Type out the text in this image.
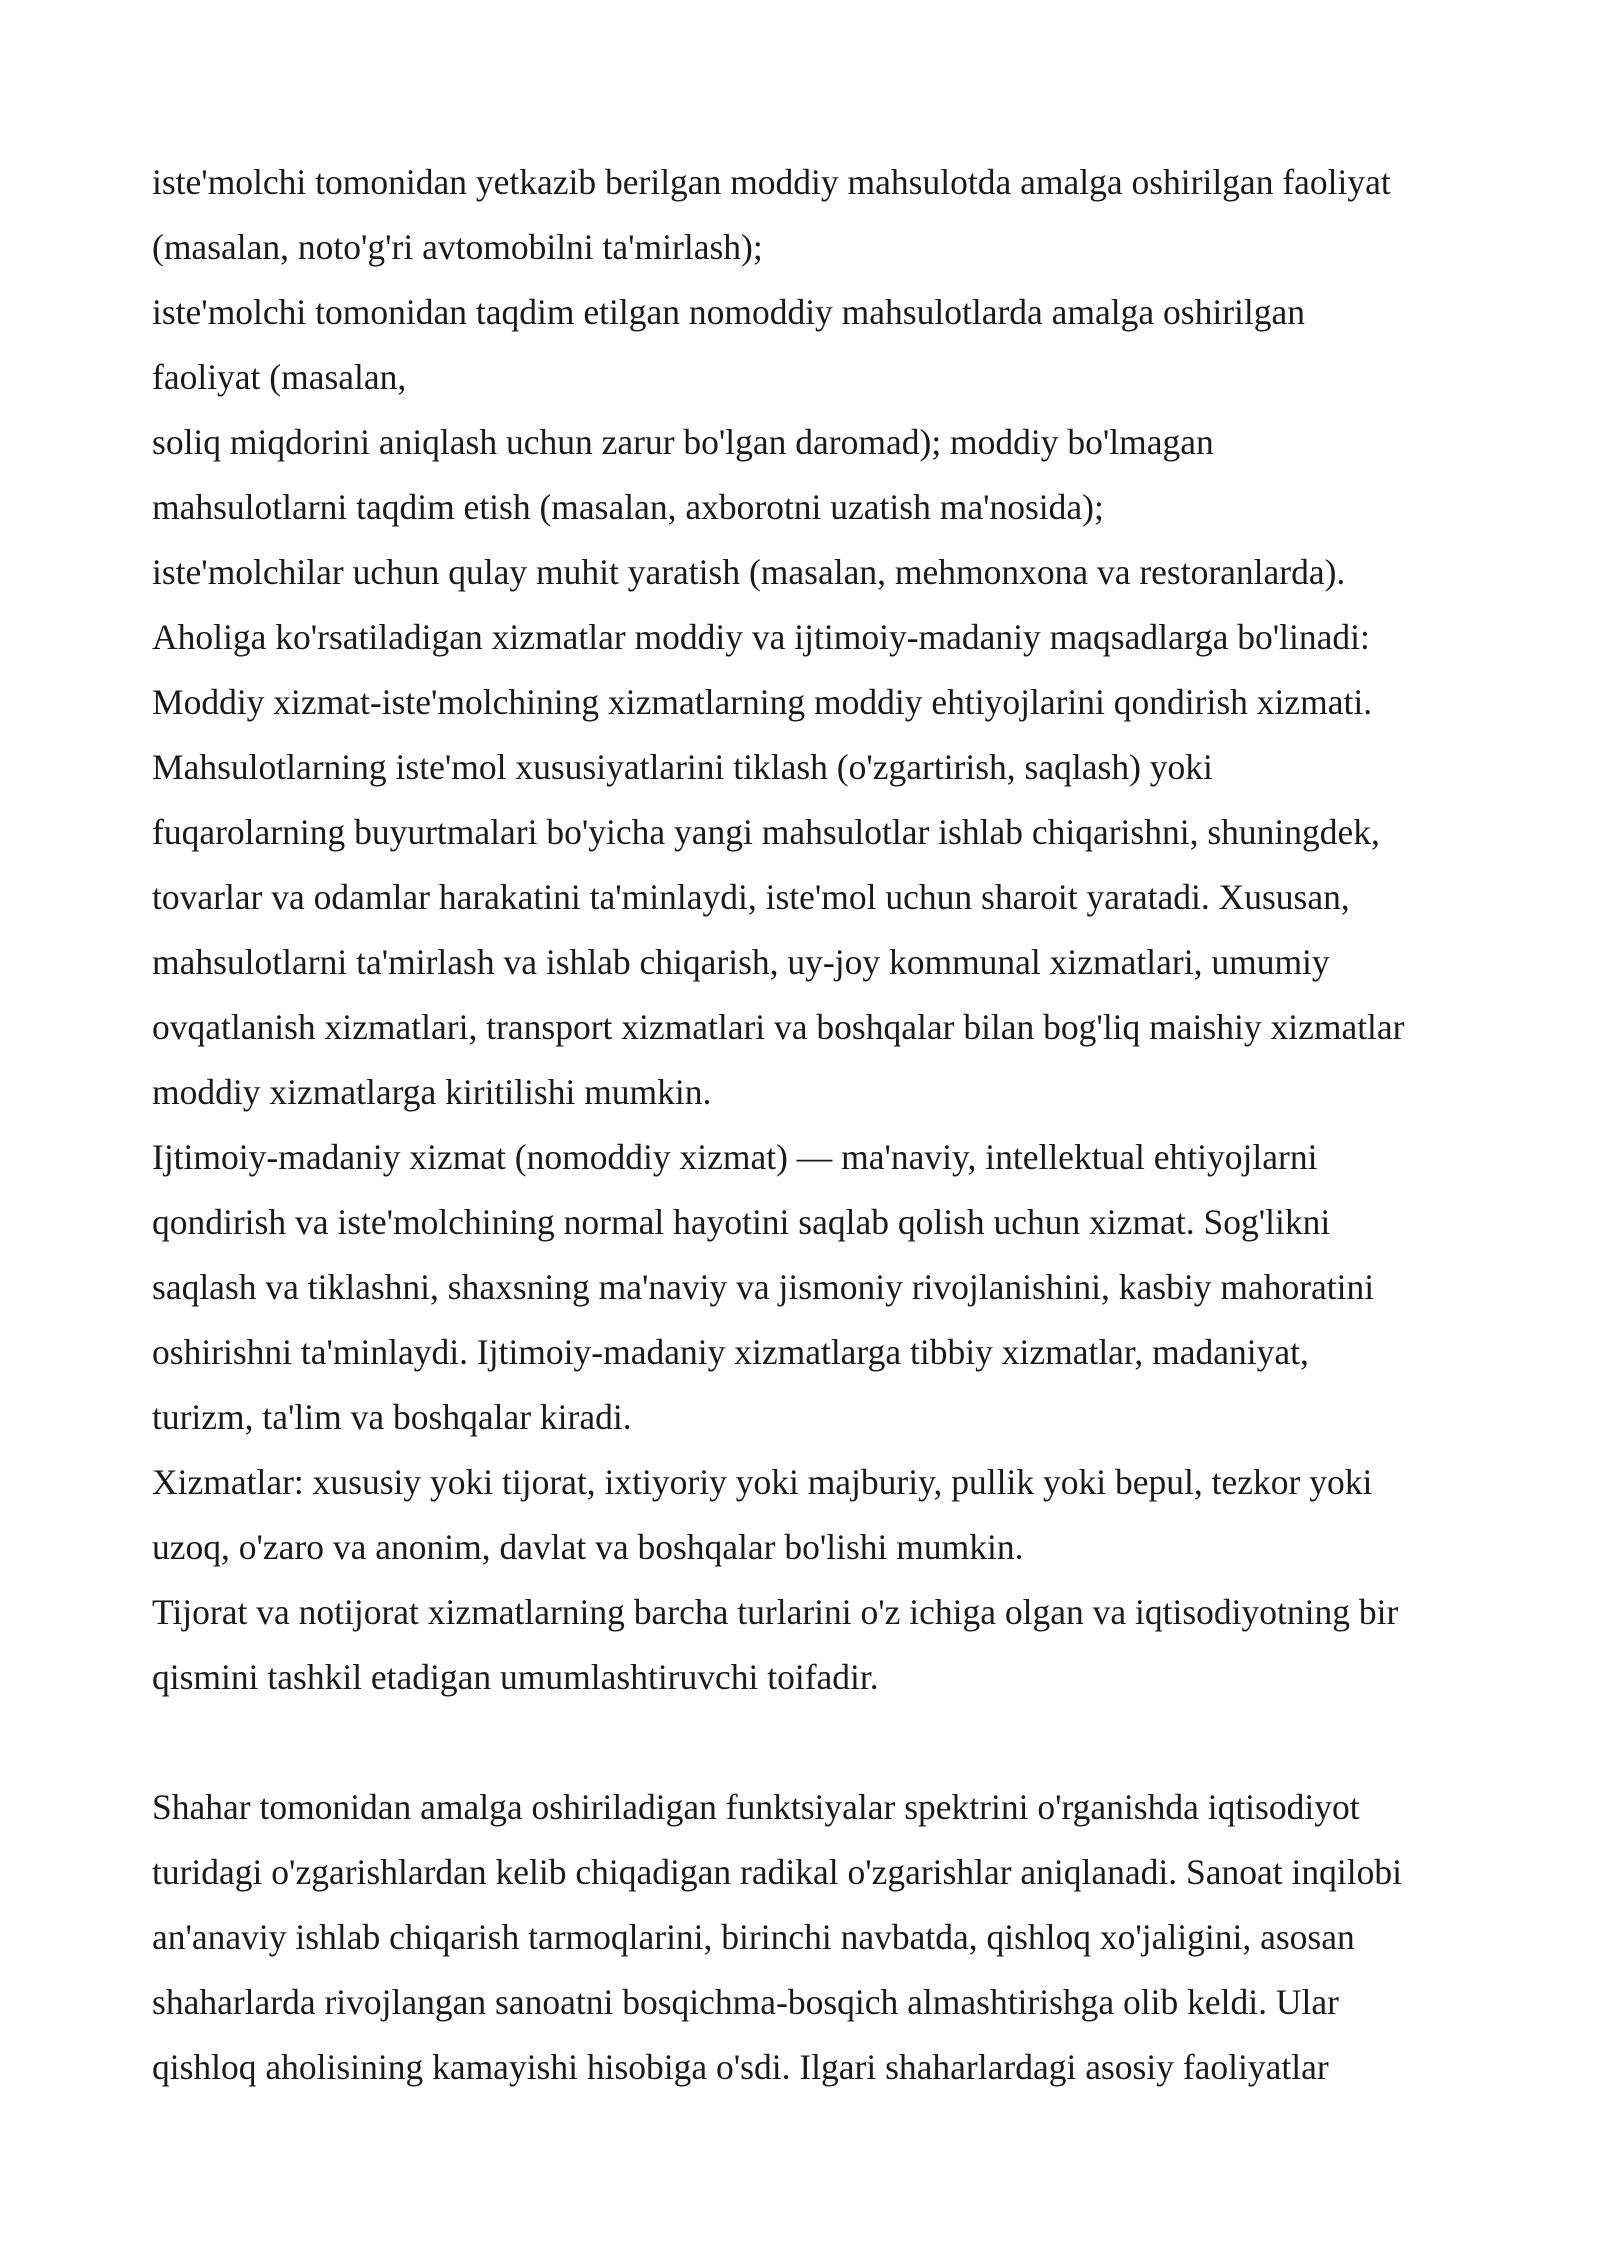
iste'molchi tomonidan yetkazib berilgan moddiy mahsulotda amalga oshirilgan faoliyat
(masalan, noto'g'ri avtomobilni ta'mirlash);
iste'molchi tomonidan taqdim etilgan nomoddiy mahsulotlarda amalga oshirilgan
faoliyat (masalan,
soliq miqdorini aniqlash uchun zarur bo'lgan daromad); moddiy bo'lmagan
mahsulotlarni taqdim etish (masalan, axborotni uzatish ma'nosida);
iste'molchilar uchun qulay muhit yaratish (masalan, mehmonxona va restoranlarda).
Aholiga ko'rsatiladigan xizmatlar moddiy va ijtimoiy-madaniy maqsadlarga bo'linadi:
Moddiy xizmat-iste'molchining xizmatlarning moddiy ehtiyojlarini qondirish xizmati.
Mahsulotlarning iste'mol xususiyatlarini tiklash (o'zgartirish, saqlash) yoki
fuqarolarning buyurtmalari bo'yicha yangi mahsulotlar ishlab chiqarishni, shuningdek,
tovarlar va odamlar harakatini ta'minlaydi, iste'mol uchun sharoit yaratadi. Xususan,
mahsulotlarni ta'mirlash va ishlab chiqarish, uy-joy kommunal xizmatlari, umumiy
ovqatlanish xizmatlari, transport xizmatlari va boshqalar bilan bog'liq maishiy xizmatlar
moddiy xizmatlarga kiritilishi mumkin.
Ijtimoiy-madaniy xizmat (nomoddiy xizmat) — ma'naviy, intellektual ehtiyojlarni
qondirish va iste'molchining normal hayotini saqlab qolish uchun xizmat. Sog'likni
saqlash va tiklashni, shaxsning ma'naviy va jismoniy rivojlanishini, kasbiy mahoratini
oshirishni ta'minlaydi. Ijtimoiy-madaniy xizmatlarga tibbiy xizmatlar, madaniyat,
turizm, ta'lim va boshqalar kiradi.
Xizmatlar: xususiy yoki tijorat, ixtiyoriy yoki majburiy, pullik yoki bepul, tezkor yoki
uzoq, o'zaro va anonim, davlat va boshqalar bo'lishi mumkin.
Tijorat va notijorat xizmatlarning barcha turlarini o'z ichiga olgan va iqtisodiyotning bir
qismini tashkil etadigan umumlashtiruvchi toifadir.
Shahar tomonidan amalga oshiriladigan funktsiyalar spektrini o'rganishda iqtisodiyot
turidagi o'zgarishlardan kelib chiqadigan radikal o'zgarishlar aniqlanadi. Sanoat inqilobi
an'anaviy ishlab chiqarish tarmoqlarini, birinchi navbatda, qishloq xo'jaligini, asosan
shaharlarda rivojlangan sanoatni bosqichma-bosqich almashtirishga olib keldi. Ular
qishloq aholisining kamayishi hisobiga o'sdi. Ilgari shaharlardagi asosiy faoliyatlar
